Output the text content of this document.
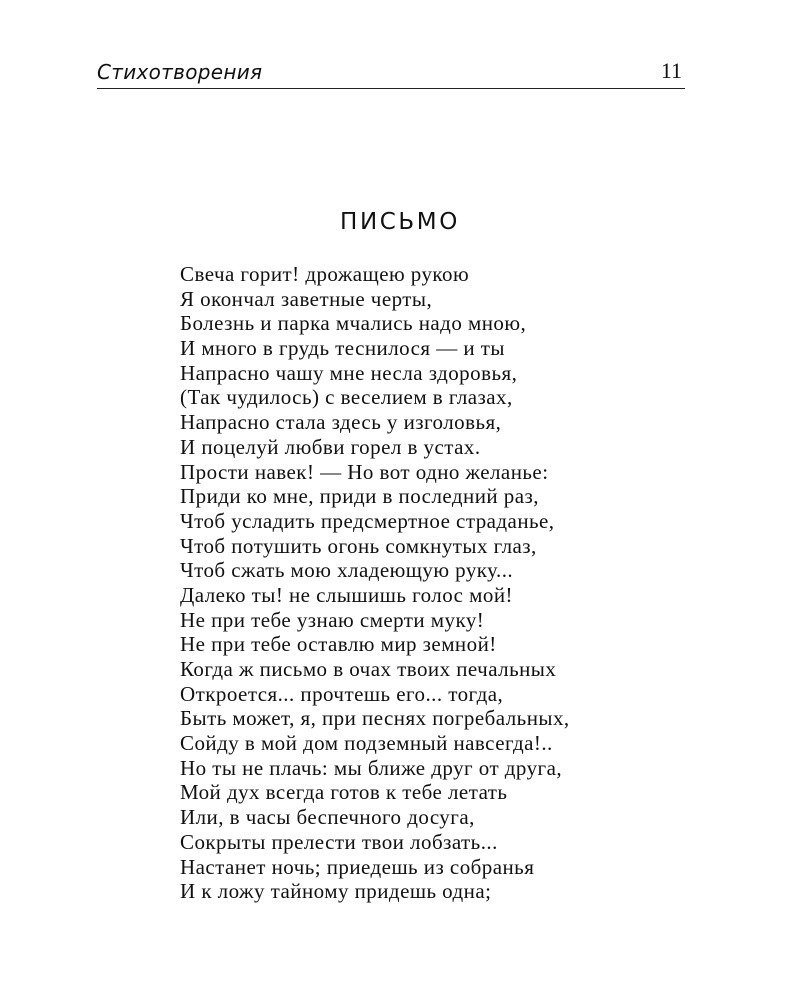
Стихотворения	11
ПИСЬМО
Свеча горит! дрожащею рукою
Я окончал заветные черты,
Болезнь и парка мчались надо мною,
И много в грудь теснилося — и ты
Напрасно чашу мне несла здоровья,
(Так чудилось) с веселием в глазах,
Напрасно стала здесь у изголовья,
И поцелуй любви горел в устах.
Прости навек! — Но вот одно желанье:
Приди ко мне, приди в последний раз,
Чтоб усладить предсмертное страданье,
Чтоб потушить огонь сомкнутых глаз,
Чтоб сжать мою хладеющую руку...
Далеко ты! не слышишь голос мой!
Не при тебе узнаю смерти муку!
Не при тебе оставлю мир земной!
Когда ж письмо в очах твоих печальных
Откроется... прочтешь его... тогда,
Быть может, я, при песнях погребальных,
Сойду в мой дом подземный навсегда!..
Но ты не плачь: мы ближе друг от друга,
Мой дух всегда готов к тебе летать
Или, в часы беспечного досуга,
Сокрыты прелести твои лобзать...
Настанет ночь; приедешь из собранья
И к ложу тайному придешь одна;
